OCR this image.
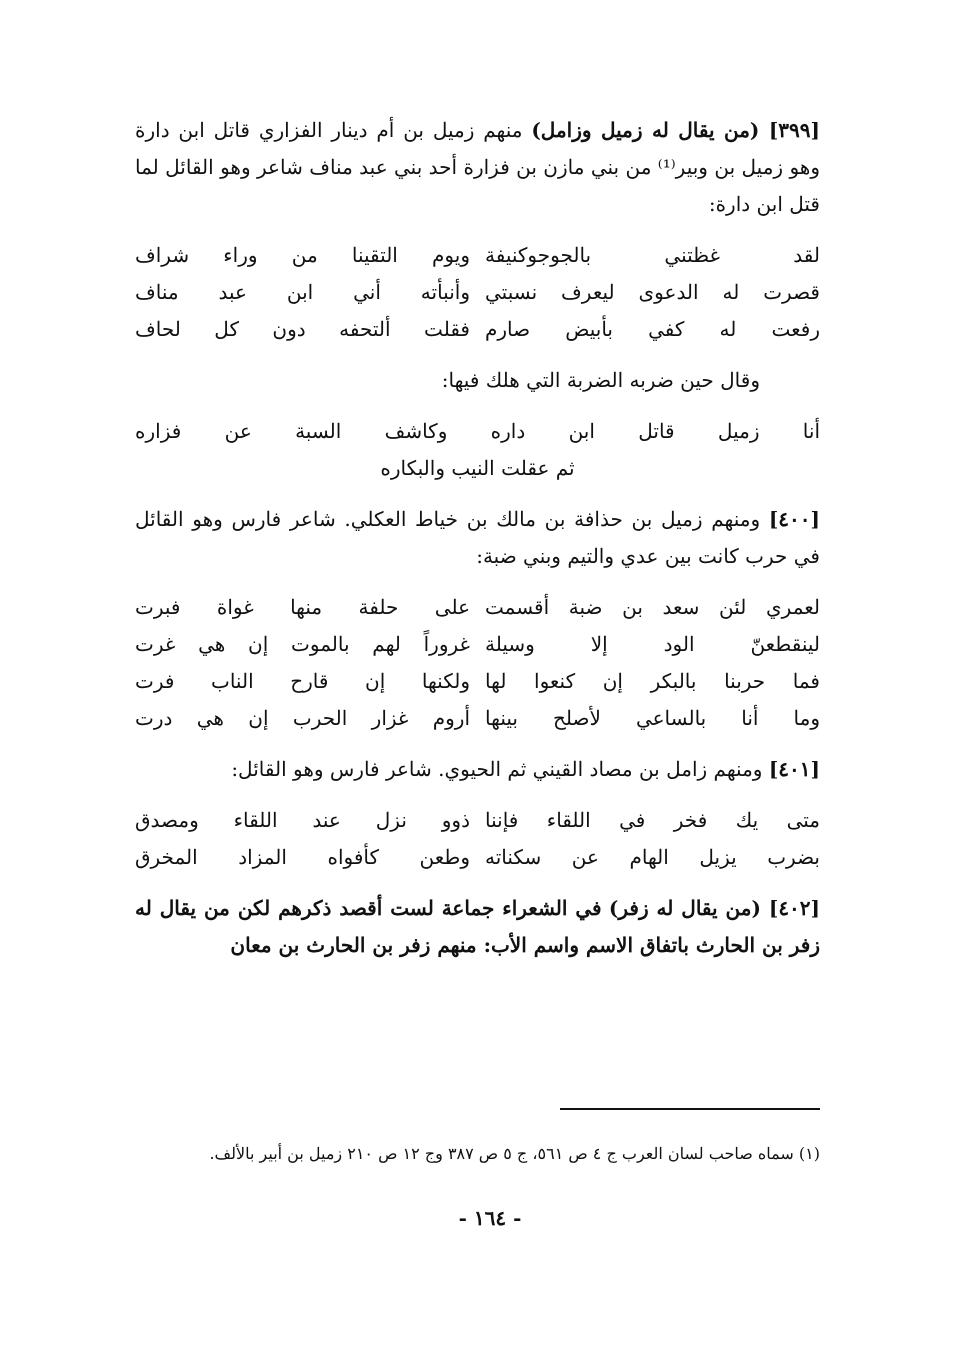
[٣٩٩] (من يقال له زميل وزامل) منهم زميل بن أم دينار الفزاري قاتل ابن دارة وهو زميل بن وبير⁽¹⁾ من بني مازن بن فزارة أحد بني عبد مناف شاعر وهو القائل لما قتل ابن دارة:

لقد غظتني بالجوجوكنيفة
ويوم التقينا من وراء شراف
قصرت له الدعوى ليعرف نسبتي
وأنبأته أني ابن عبد مناف
رفعت له كفي بأبيض صارم
فقلت ألتحفه دون كل لحاف

وقال حين ضربه الضربة التي هلك فيها:

أنا زميل قاتل ابن داره وكاشف السبة عن فزاره

ثم عقلت النيب والبكاره

[٤٠٠] ومنهم زميل بن حذافة بن مالك بن خياط العكلي. شاعر فارس وهو القائل في حرب كانت بين عدي والتيم وبني ضبة:

لعمري لئن سعد بن ضبة أقسمت
على حلفة منها غواة فبرت
لينقطعنّ الود إلا وسيلة
غروراً لهم بالموت إن هي غرت
فما حربنا بالبكر إن كنعوا لها
ولكنها إن قارح الناب فرت
وما أنا بالساعي لأصلح بينها
أروم غزار الحرب إن هي درت

[٤٠١] ومنهم زامل بن مصاد القيني ثم الحيوي. شاعر فارس وهو القائل:

متى يك فخر في اللقاء فإننا
ذوو نزل عند اللقاء ومصدق
بضرب يزيل الهام عن سكناته
وطعن كأفواه المزاد المخرق

[٤٠٢] (من يقال له زفر) في الشعراء جماعة لست أقصد ذكرهم لكن من يقال له زفر بن الحارث باتفاق الاسم واسم الأب: منهم زفر بن الحارث بن معان

(١) سماه صاحب لسان العرب ج ٤ ص ٥٦١، ج ٥ ص ٣٨٧ وج ١٢ ص ٢١٠ زميل بن أبير بالألف.

- ١٦٤ -
